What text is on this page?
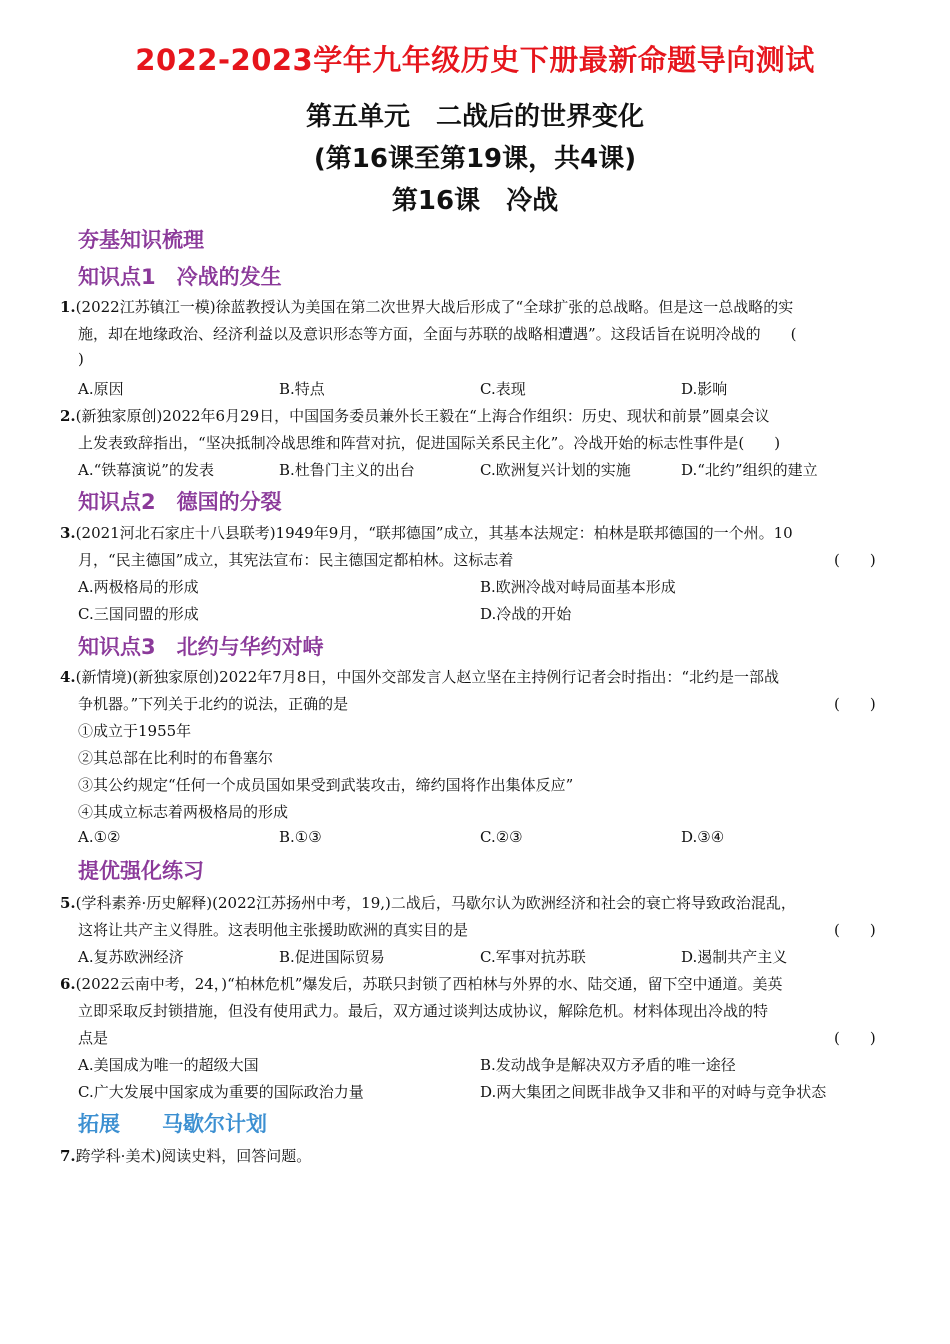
2022-2023学年九年级历史下册最新命题导向测试
第五单元　二战后的世界变化
(第16课至第19课，共4课)
第16课　冷战
夯基知识梳理
知识点1　冷战的发生
1.(2022江苏镇江一模)徐蓝教授认为美国在第二次世界大战后形成了“全球扩张的总战略。但是这一总战略的实
施，却在地缘政治、经济利益以及意识形态等方面，全面与苏联的战略相遭遇”。这段话旨在说明冷战的　　(
)
A.原因	B.特点	C.表现	D.影响
2.(新独家原创)2022年6月29日，中国国务委员兼外长王毅在“上海合作组织：历史、现状和前景”圆桌会议
上发表致辞指出，“坚决抵制冷战思维和阵营对抗，促进国际关系民主化”。冷战开始的标志性事件是(　　)
A.“铁幕演说”的发表	B.杜鲁门主义的出台	C.欧洲复兴计划的实施	D.“北约”组织的建立
知识点2　德国的分裂
3.(2021河北石家庄十八县联考)1949年9月，“联邦德国”成立，其基本法规定：柏林是联邦德国的一个州。10
月，“民主德国”成立，其宪法宣布：民主德国定都柏林。这标志着	(　　)
A.两极格局的形成	B.欧洲冷战对峙局面基本形成
C.三国同盟的形成	D.冷战的开始
知识点3　北约与华约对峙
4.(新情境)(新独家原创)2022年7月8日，中国外交部发言人赵立坚在主持例行记者会时指出：“北约是一部战
争机器。”下列关于北约的说法，正确的是	(　　)
①成立于1955年
②其总部在比利时的布鲁塞尔
③其公约规定“任何一个成员国如果受到武装攻击，缔约国将作出集体反应”
④其成立标志着两极格局的形成
A.①②	B.①③	C.②③	D.③④
提优强化练习
5.(学科素养·历史解释)(2022江苏扬州中考，19,)二战后，马歇尔认为欧洲经济和社会的衰亡将导致政治混乱，
这将让共产主义得胜。这表明他主张援助欧洲的真实目的是	(　　)
A.复苏欧洲经济	B.促进国际贸易	C.军事对抗苏联	D.遏制共产主义
6.(2022云南中考，24，)“柏林危机”爆发后，苏联只封锁了西柏林与外界的水、陆交通，留下空中通道。美英
立即采取反封锁措施，但没有使用武力。最后，双方通过谈判达成协议，解除危机。材料体现出冷战的特
点是	(　　)
A.美国成为唯一的超级大国	B.发动战争是解决双方矛盾的唯一途径
C.广大发展中国家成为重要的国际政治力量	D.两大集团之间既非战争又非和平的对峙与竞争状态
拓展　　马歇尔计划
7.跨学科·美术)阅读史料，回答问题。
